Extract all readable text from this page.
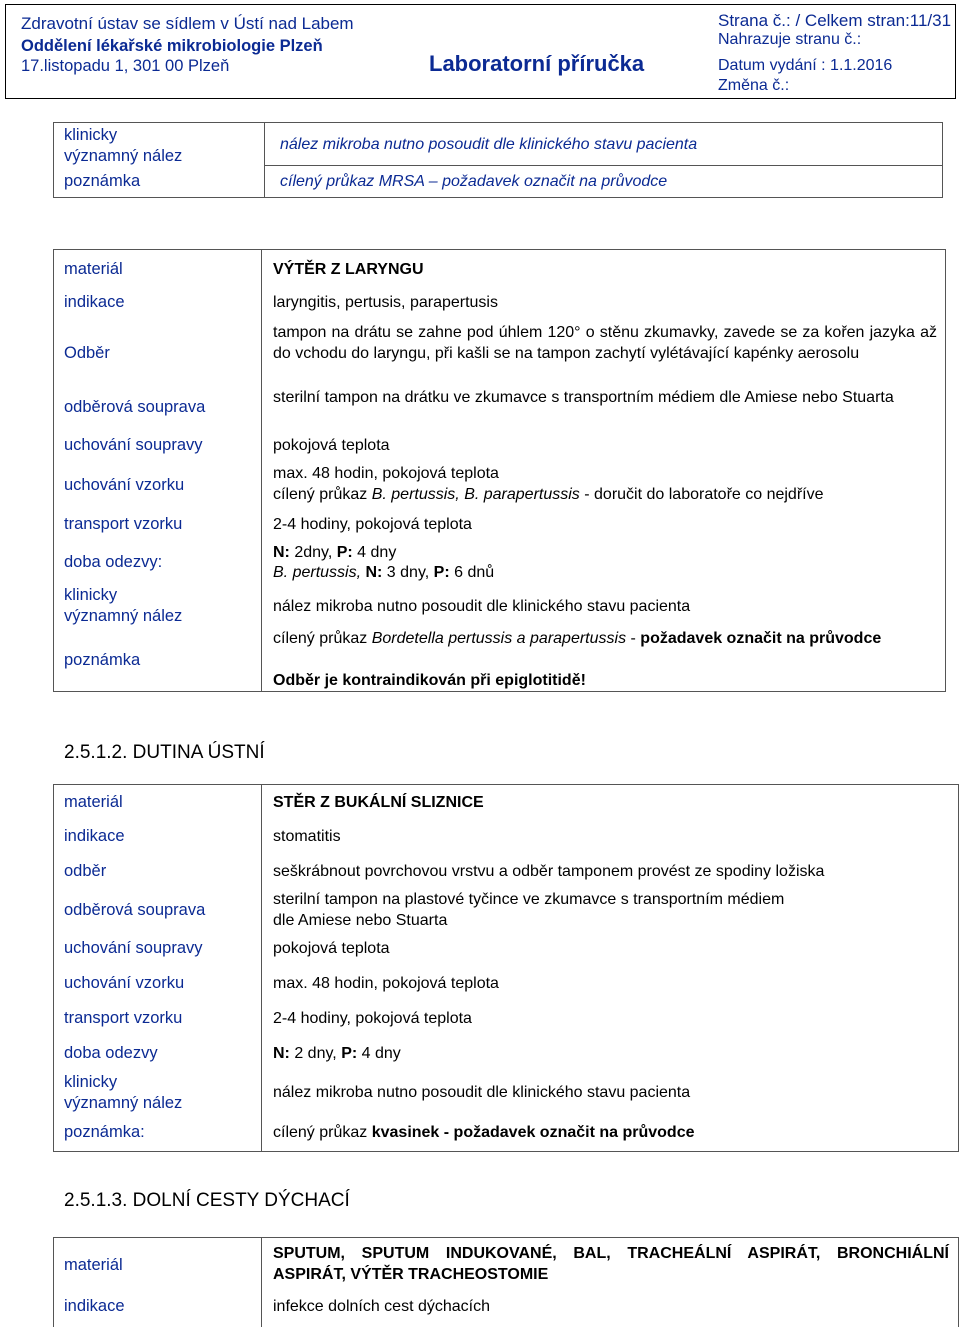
Zdravotní ústav se sídlem v Ústí nad Labem
Oddělení lékařské mikrobiologie Plzeň
17.listopadu 1, 301 00 Plzeň	Laboratorní příručka
Strana č.: / Celkem stran:11/31
Nahrazuje stranu č.:
Datum vydání : 1.1.2016
Změna č.:
klinicky
významný nález
poznámka
nález mikroba nutno posoudit dle klinického stavu pacienta
cílený průkaz MRSA – požadavek označit na průvodce
materiál
indikace
Odběr
odběrová souprava
uchování soupravy
uchování vzorku
transport vzorku
doba odezvy:
klinicky
významný nález
poznámka
VÝTĚR Z LARYNGU
laryngitis, pertusis, parapertusis
tampon na drátu se zahne pod úhlem 120° o stěnu zkumavky, zavede se za kořen jazyka až do vchodu do laryngu, při kašli se na tampon zachytí vylétávající kapénky aerosolu
sterilní tampon na drátku ve zkumavce s transportním médiem dle Amiese nebo Stuarta
pokojová teplota
max. 48 hodin, pokojová teplota
cílený průkaz B. pertussis, B. parapertussis - doručit do laboratoře co nejdříve
2-4 hodiny, pokojová teplota
N: 2dny, P: 4 dny
B. pertussis, N: 3 dny, P: 6 dnů
nález mikroba nutno posoudit dle klinického stavu pacienta
cílený průkaz Bordetella pertussis a parapertussis - požadavek označit na průvodce
Odběr je kontraindikován při epiglotitidě!
2.5.1.2. DUTINA ÚSTNÍ
materiál
indikace
odběr
odběrová souprava
uchování soupravy
uchování vzorku
transport vzorku
doba odezvy
klinicky
významný nález
poznámka:
STĚR Z BUKÁLNÍ SLIZNICE
stomatitis
seškrábnout povrchovou vrstvu a odběr tamponem provést ze spodiny ložiska
sterilní tampon na plastové tyčince ve zkumavce s transportním médiem
dle Amiese nebo Stuarta
pokojová teplota
max. 48 hodin, pokojová teplota
2-4 hodiny, pokojová teplota
N: 2 dny, P: 4 dny
nález mikroba nutno posoudit dle klinického stavu pacienta
cílený průkaz kvasinek - požadavek označit na průvodce
2.5.1.3. DOLNÍ CESTY DÝCHACÍ
materiál
indikace
SPUTUM, SPUTUM INDUKOVANÉ, BAL, TRACHEÁLNÍ ASPIRÁT, BRONCHIÁLNÍ ASPIRÁT, VÝTĚR TRACHEOSTOMIE
infekce dolních cest dýchacích
